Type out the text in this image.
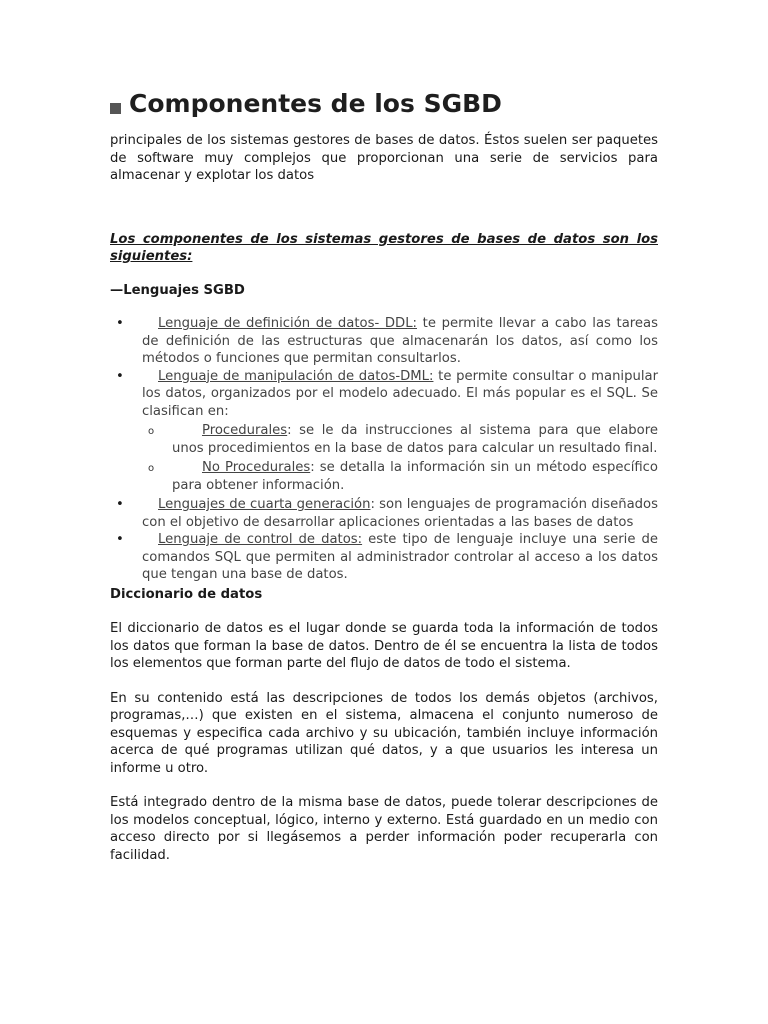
Componentes de los SGBD

principales de los sistemas gestores de bases de datos. Éstos suelen ser paquetes de software muy complejos que proporcionan una serie de servicios para almacenar y explotar los datos

Los componentes de los sistemas gestores de bases de datos son los siguientes:

—Lenguajes SGBD
• Lenguaje de definición de datos- DDL: te permite llevar a cabo las tareas de definición de las estructuras que almacenarán los datos, así como los métodos o funciones que permitan consultarlos.
• Lenguaje de manipulación de datos-DML: te permite consultar o manipular los datos, organizados por el modelo adecuado. El más popular es el SQL. Se clasifican en:
o Procedurales: se le da instrucciones al sistema para que elabore unos procedimientos en la base de datos para calcular un resultado final.
o No Procedurales: se detalla la información sin un método específico para obtener información.
• Lenguajes de cuarta generación: son lenguajes de programación diseñados con el objetivo de desarrollar aplicaciones orientadas a las bases de datos
• Lenguaje de control de datos: este tipo de lenguaje incluye una serie de comandos SQL que permiten al administrador controlar al acceso a los datos que tengan una base de datos.
Diccionario de datos

El diccionario de datos es el lugar donde se guarda toda la información de todos los datos que forman la base de datos. Dentro de él se encuentra la lista de todos los elementos que forman parte del flujo de datos de todo el sistema.

En su contenido está las descripciones de todos los demás objetos (archivos, programas,…) que existen en el sistema, almacena el conjunto numeroso de esquemas y especifica cada archivo y su ubicación, también incluye información acerca de qué programas utilizan qué datos, y a que usuarios les interesa un informe u otro.

Está integrado dentro de la misma base de datos, puede tolerar descripciones de los modelos conceptual, lógico, interno y externo. Está guardado en un medio con acceso directo por si llegásemos a perder información poder recuperarla con facilidad.
